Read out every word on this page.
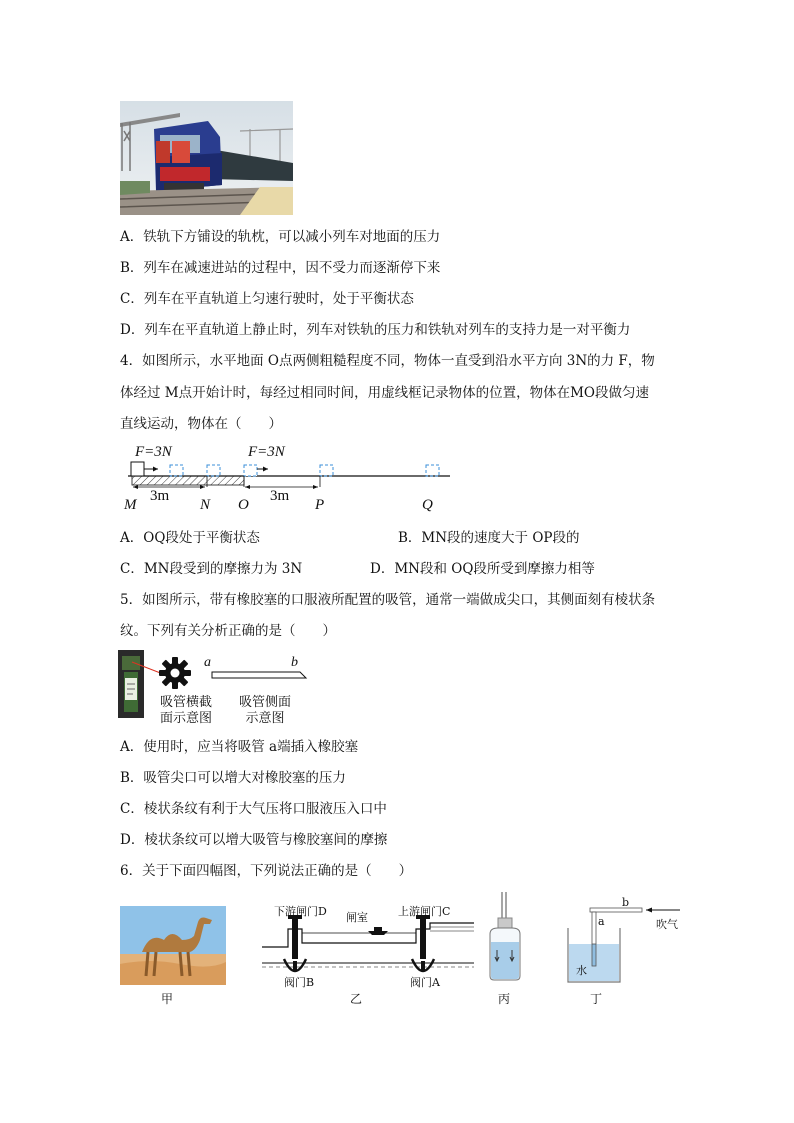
A．铁轨下方铺设的轨枕，可以减小列车对地面的压力
B．列车在减速进站的过程中，因不受力而逐渐停下来
C．列车在平直轨道上匀速行驶时，处于平衡状态
D．列车在平直轨道上静止时，列车对铁轨的压力和铁轨对列车的支持力是一对平衡力
4．如图所示，水平地面 O点两侧粗糙程度不同，物体一直受到沿水平方向 3N的力 F，物
体经过 M点开始计时，每经过相同时间，用虚线框记录物体的位置，物体在MO段做匀速
直线运动，物体在（　　）
F=3N	F=3N
3m	3m
M	N O	P	Q
A．OQ段处于平衡状态	B．MN段的速度大于 OP段的
C．MN段受到的摩擦力为 3N	D．MN段和 OQ段所受到摩擦力相等
5．如图所示，带有橡胶塞的口服液所配置的吸管，通常一端做成尖口，其侧面刻有棱状条
纹。下列有关分析正确的是（　　）
a	b
吸管横截
面示意图
吸管侧面
示意图
A．使用时，应当将吸管 a端插入橡胶塞
B．吸管尖口可以增大对橡胶塞的压力
C．棱状条纹有利于大气压将口服液压入口中
D．棱状条纹可以增大吸管与橡胶塞间的摩擦
6．关于下面四幅图，下列说法正确的是（　　）
甲
下游闸门D 闸室	上游闸门C
阀门B	阀门A
乙	丙
a
b
吹气
水
丁
